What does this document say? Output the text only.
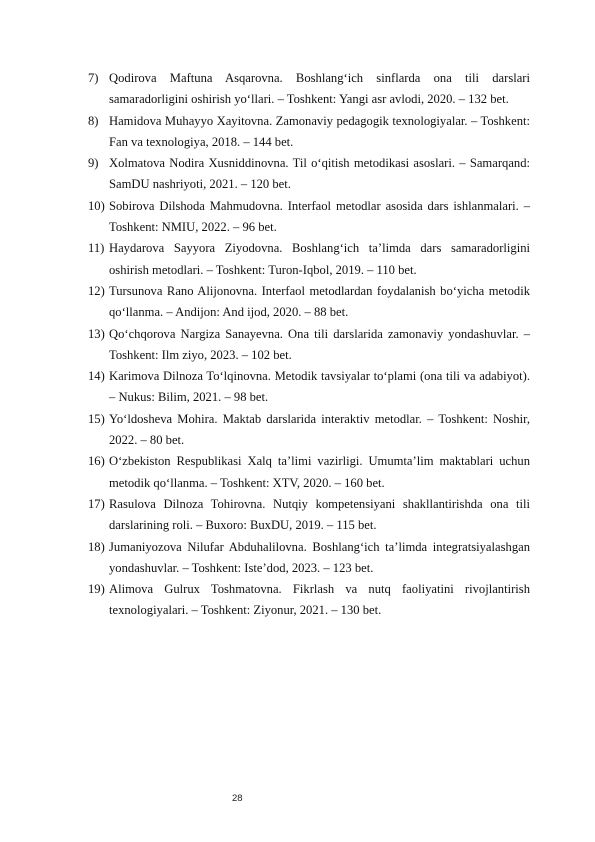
7) Qodirova Maftuna Asqarovna. Boshlang‘ich sinflarda ona tili darslari samaradorligini oshirish yo‘llari. – Toshkent: Yangi asr avlodi, 2020. – 132 bet.
8) Hamidova Muhayyo Xayitovna. Zamonaviy pedagogik texnologiyalar. – Toshkent: Fan va texnologiya, 2018. – 144 bet.
9) Xolmatova Nodira Xusniddinovna. Til o‘qitish metodikasi asoslari. – Samarqand: SamDU nashriyoti, 2021. – 120 bet.
10) Sobirova Dilshoda Mahmudovna. Interfaol metodlar asosida dars ishlanmalari. – Toshkent: NMIU, 2022. – 96 bet.
11) Haydarova Sayyora Ziyodovna. Boshlang‘ich ta’limda dars samaradorligini oshirish metodlari. – Toshkent: Turon-Iqbol, 2019. – 110 bet.
12) Tursunova Rano Alijonovna. Interfaol metodlardan foydalanish bo‘yicha metodik qo‘llanma. – Andijon: And ijod, 2020. – 88 bet.
13) Qo‘chqorova Nargiza Sanayevna. Ona tili darslarida zamonaviy yondashuvlar. – Toshkent: Ilm ziyo, 2023. – 102 bet.
14) Karimova Dilnoza To‘lqinovna. Metodik tavsiyalar to‘plami (ona tili va adabiyot). – Nukus: Bilim, 2021. – 98 bet.
15) Yo‘ldosheva Mohira. Maktab darslarida interaktiv metodlar. – Toshkent: Noshir, 2022. – 80 bet.
16) O‘zbekiston Respublikasi Xalq ta’limi vazirligi. Umumta’lim maktablari uchun metodik qo‘llanma. – Toshkent: XTV, 2020. – 160 bet.
17) Rasulova Dilnoza Tohirovna. Nutqiy kompetensiyani shakllantirishda ona tili darslarining roli. – Buxoro: BuxDU, 2019. – 115 bet.
18) Jumaniyozova Nilufar Abduhalilovna. Boshlang‘ich ta’limda integratsiyalashgan yondashuvlar. – Toshkent: Iste’dod, 2023. – 123 bet.
19) Alimova Gulrux Toshmatovna. Fikrlash va nutq faoliyatini rivojlantirish texnologiyalari. – Toshkent: Ziyonur, 2021. – 130 bet.
28
